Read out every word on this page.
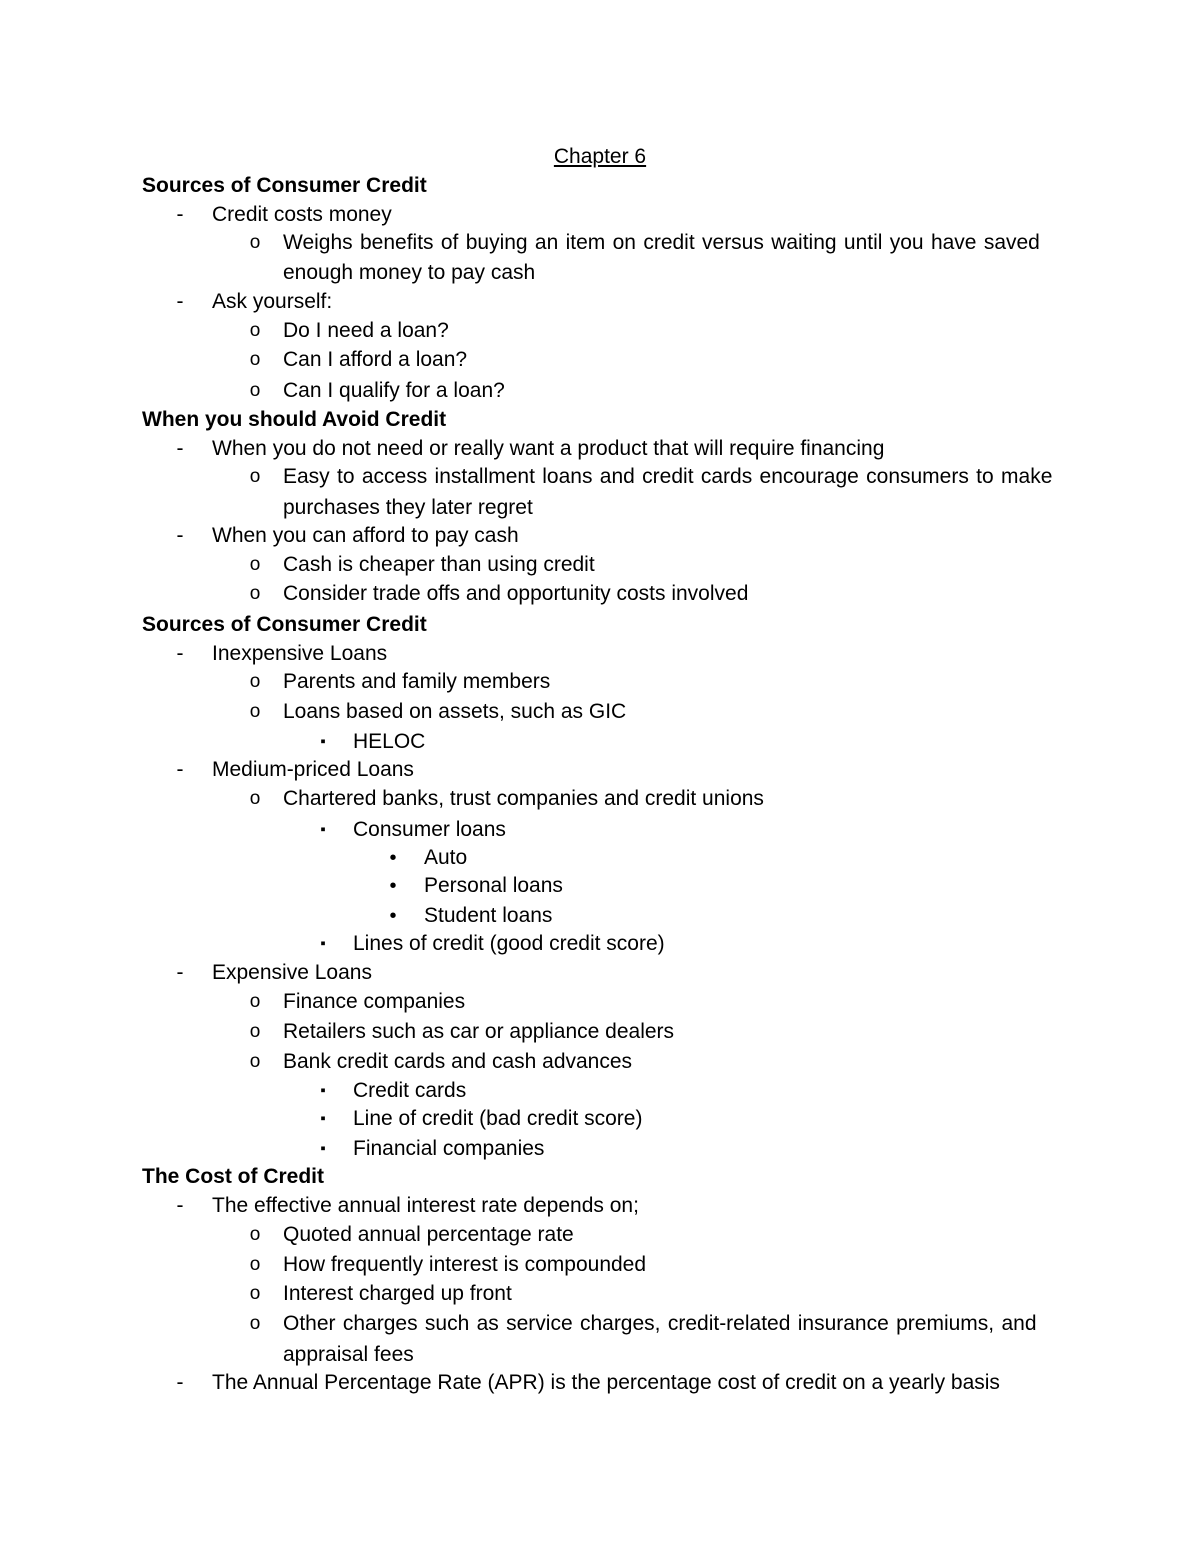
Chapter 6
Sources of Consumer Credit
-	Credit costs money
o Weighs benefits of buying an item on credit versus waiting until you have saved
enough money to pay cash
-	Ask yourself:
o Do I need a loan?
o Can I afford a loan?
o Can I qualify for a loan?
When you should Avoid Credit
-	When you do not need or really want a product that will require financing
o Easy to access installment loans and credit cards encourage consumers to make
purchases they later regret
-	When you can afford to pay cash
o Cash is cheaper than using credit
o Consider trade offs and opportunity costs involved
Sources of Consumer Credit
-	Inexpensive Loans
o Parents and family members
o Loans based on assets, such as GIC
▪	HELOC
-	Medium-priced Loans
o Chartered banks, trust companies and credit unions
▪	Consumer loans
•	Auto
•	Personal loans
•	Student loans
▪	Lines of credit (good credit score)
-	Expensive Loans
o Finance companies
o Retailers such as car or appliance dealers
o Bank credit cards and cash advances
▪	Credit cards
▪	Line of credit (bad credit score)
▪	Financial companies
The Cost of Credit
-	The effective annual interest rate depends on;
o Quoted annual percentage rate
o How frequently interest is compounded
o Interest charged up front
o Other charges such as service charges, credit-related insurance premiums, and
appraisal fees
-	The Annual Percentage Rate (APR) is the percentage cost of credit on a yearly basis
